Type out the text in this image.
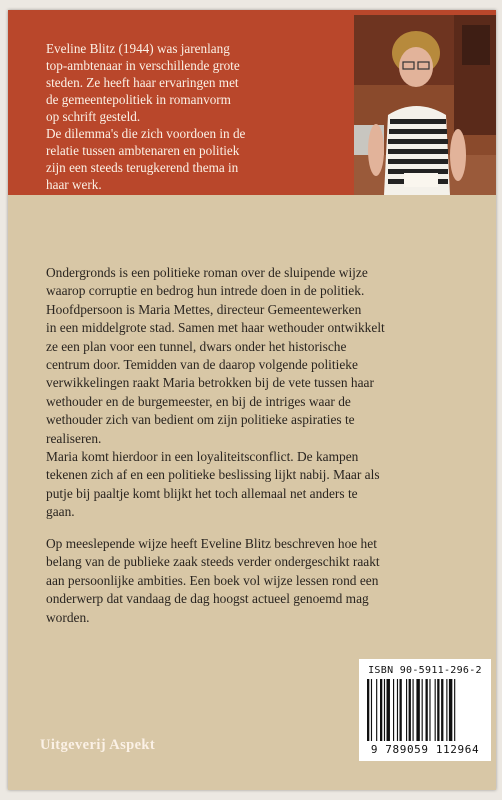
Eveline Blitz (1944) was jarenlang
top-ambtenaar in verschillende grote
steden. Ze heeft haar ervaringen met
de gemeentepolitiek in romanvorm
op schrift gesteld.
De dilemma's die zich voordoen in de
relatie tussen ambtenaren en politiek
zijn een steeds terugkerend thema in
haar werk.

Ondergronds is een politieke roman over de sluipende wijze
waarop corruptie en bedrog hun intrede doen in de politiek.
Hoofdpersoon is Maria Mettes, directeur Gemeentewerken
in een middelgrote stad. Samen met haar wethouder ontwikkelt
ze een plan voor een tunnel, dwars onder het historische
centrum door. Temidden van de daarop volgende politieke
verwikkelingen raakt Maria betrokken bij de vete tussen haar
wethouder en de burgemeester, en bij de intriges waar de
wethouder zich van bedient om zijn politieke aspiraties te
realiseren.
Maria komt hierdoor in een loyaliteitsconflict. De kampen
tekenen zich af en een politieke beslissing lijkt nabij. Maar als
putje bij paaltje komt blijkt het toch allemaal net anders te
gaan.

Op meeslepende wijze heeft Eveline Blitz beschreven hoe het
belang van de publieke zaak steeds verder ondergeschikt raakt
aan persoonlijke ambities. Een boek vol wijze lessen rond een
onderwerp dat vandaag de dag hoogst actueel genoemd mag
worden.

Uitgeverij Aspekt
ISBN 90-5911-296-2
9 789059 112964
